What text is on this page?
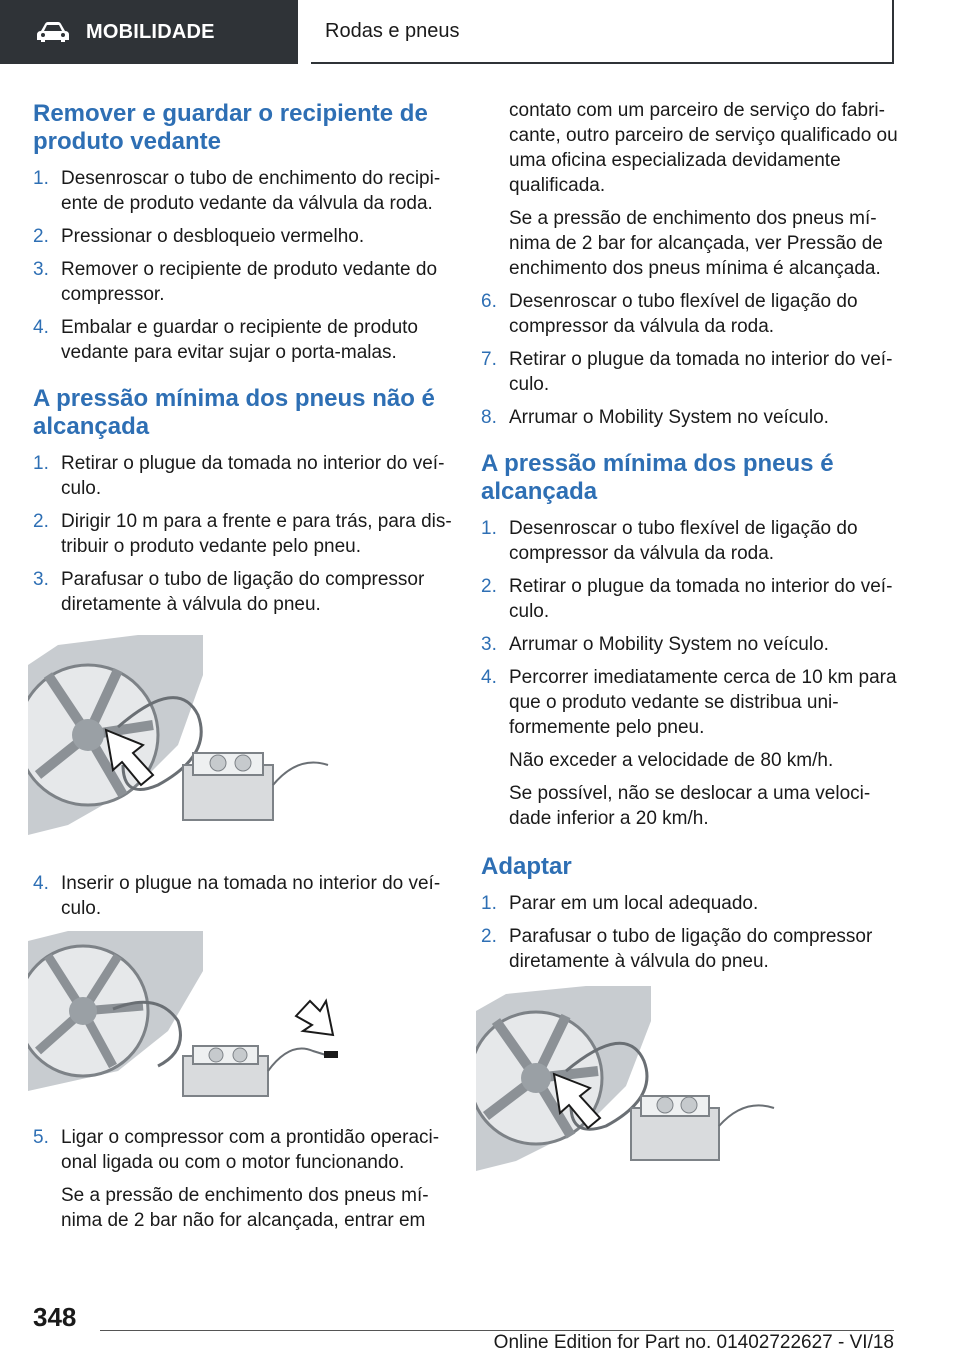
MOBILIDADE	Rodas e pneus
Remover e guardar o recipiente de produto vedante
1. Desenroscar o tubo de enchimento do recipiente de produto vedante da válvula da roda.
2. Pressionar o desbloqueio vermelho.
3. Remover o recipiente de produto vedante do compressor.
4. Embalar e guardar o recipiente de produto vedante para evitar sujar o porta-malas.
A pressão mínima dos pneus não é alcançada
1. Retirar o plugue da tomada no interior do veículo.
2. Dirigir 10 m para a frente e para trás, para distribuir o produto vedante pelo pneu.
3. Parafusar o tubo de ligação do compressor diretamente à válvula do pneu.
4. Inserir o plugue na tomada no interior do veículo.
5. Ligar o compressor com a prontidão operacional ligada ou com o motor funcionando.

Se a pressão de enchimento dos pneus mínima de 2 bar não for alcançada, entrar em

contato com um parceiro de serviço do fabricante, outro parceiro de serviço qualificado ou uma oficina especializada devidamente qualificada.

Se a pressão de enchimento dos pneus mínima de 2 bar for alcançada, ver Pressão de enchimento dos pneus mínima é alcançada.

6. Desenroscar o tubo flexível de ligação do compressor da válvula da roda.
7. Retirar o plugue da tomada no interior do veículo.
8. Arrumar o Mobility System no veículo.
A pressão mínima dos pneus é alcançada
1. Desenroscar o tubo flexível de ligação do compressor da válvula da roda.
2. Retirar o plugue da tomada no interior do veículo.
3. Arrumar o Mobility System no veículo.
4. Percorrer imediatamente cerca de 10 km para que o produto vedante se distribua uniformemente pelo pneu.

Não exceder a velocidade de 80 km/h.

Se possível, não se deslocar a uma velocidade inferior a 20 km/h.

Adaptar
1. Parar em um local adequado.
2. Parafusar o tubo de ligação do compressor diretamente à válvula do pneu.
348
Online Edition for Part no. 01402722627 - VI/18
